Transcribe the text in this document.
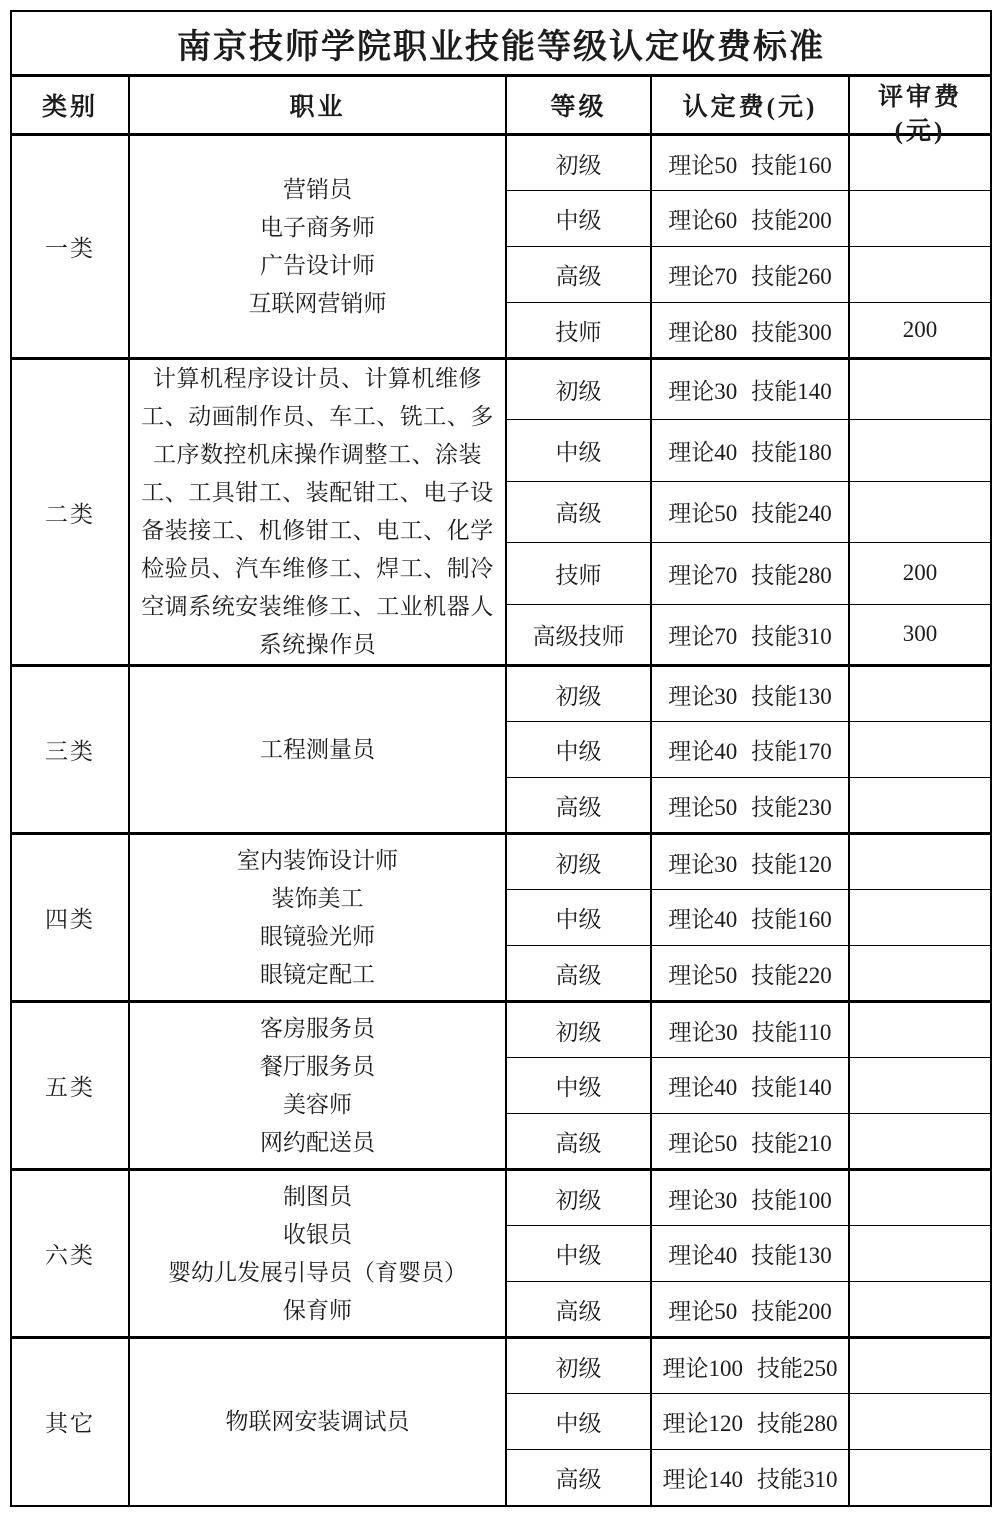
南京技师学院职业技能等级认定收费标准				
类别	职业	等级	认定费(元)	评审费
(元)

一类	营销员
电子商务师
广告设计师
互联网营销师	初级	理论50 技能160	
		中级	理论60 技能200	
		高级	理论70 技能260	
		技师	理论80 技能300	200
二类	计算机程序设计员、计算机维修工、动画制作员、车工、铣工、多工序数控机床操作调整工、涂装工、工具钳工、装配钳工、电子设备装接工、机修钳工、电工、化学检验员、汽车维修工、焊工、制冷空调系统安装维修工、工业机器人系统操作员	初级	理论30 技能140	
		中级	理论40 技能180	
		高级	理论50 技能240	
		技师	理论70 技能280	200
		高级技师	理论70 技能310	300
三类	工程测量员	初级	理论30 技能130	
		中级	理论40 技能170	
		高级	理论50 技能230	
四类	室内装饰设计师
装饰美工
眼镜验光师
眼镜定配工	初级	理论30 技能120	
		中级	理论40 技能160	
		高级	理论50 技能220	
五类	客房服务员
餐厅服务员
美容师
网约配送员	初级	理论30 技能110	
		中级	理论40 技能140	
		高级	理论50 技能210	
六类	制图员
收银员
婴幼儿发展引导员（育婴员）
保育师	初级	理论30 技能100	
		中级	理论40 技能130	
		高级	理论50 技能200	
其它	物联网安装调试员	初级	理论100 技能250	
		中级	理论120 技能280	
		高级	理论140 技能310	
